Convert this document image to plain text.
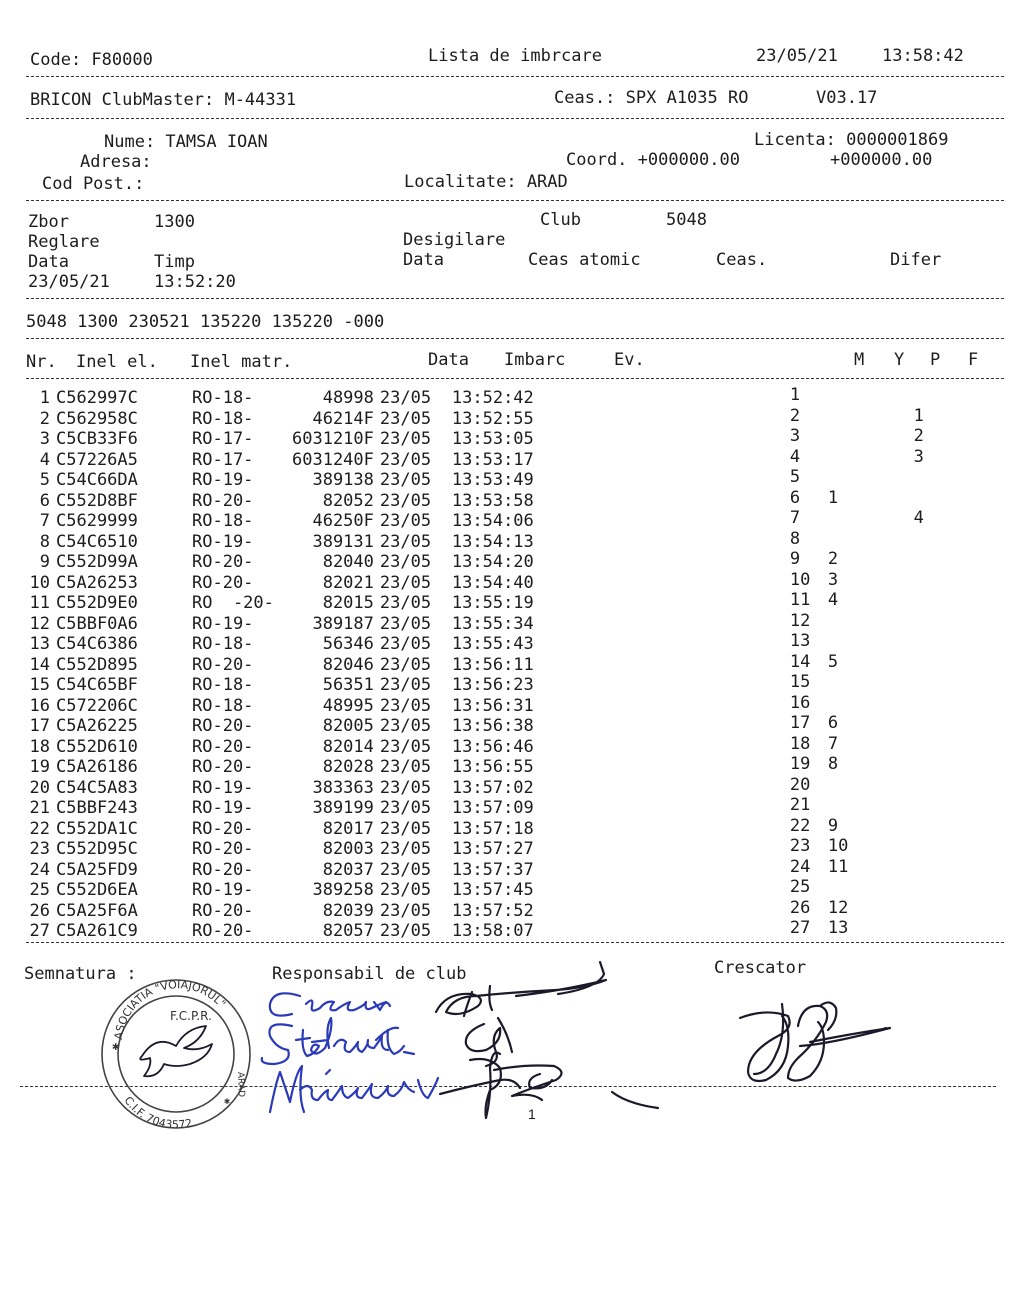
Code: F80000	Lista de imbrcare	23/05/21	13:58:42
BRICON ClubMaster: M-44331	Ceas.: SPX A1035 RO	V03.17
Nume: TAMSA IOAN	Licenta: 0000001869
Adresa:	Coord. +000000.00	+000000.00
Cod Post.:	Localitate: ARAD
Zbor	1300	Club	5048
Reglare	Desigilare
Data	Timp	Data	Ceas atomic	Ceas.	Difer
23/05/21	13:52:20
5048 1300 230521 135220 135220 -000
Nr. Inel el. Inel matr.	Data Imbarc	Ev.	M Y P F
1	C562997C	RO-18-	48998	23/05	13:52:42		1			
2	C562958C	RO-18-	46214F	23/05	13:52:55		2			1
3	C5CB33F6	RO-17-	6031210F	23/05	13:53:05		3			2
4	C57226A5	RO-17-	6031240F	23/05	13:53:17		4			3
5	C54C66DA	RO-19-	389138	23/05	13:53:49		5			
6	C552D8BF	RO-20-	82052	23/05	13:53:58		6	1		
7	C5629999	RO-18-	46250F	23/05	13:54:06		7			4
8	C54C6510	RO-19-	389131	23/05	13:54:13		8			
9	C552D99A	RO-20-	82040	23/05	13:54:20		9	2		
10	C5A26253	RO-20-	82021	23/05	13:54:40		10	3		
11	C552D9E0	RO  -20-	82015	23/05	13:55:19		11	4		
12	C5BBF0A6	RO-19-	389187	23/05	13:55:34		12			
13	C54C6386	RO-18-	56346	23/05	13:55:43		13			
14	C552D895	RO-20-	82046	23/05	13:56:11		14	5		
15	C54C65BF	RO-18-	56351	23/05	13:56:23		15			
16	C572206C	RO-18-	48995	23/05	13:56:31		16			
17	C5A26225	RO-20-	82005	23/05	13:56:38		17	6		
18	C552D610	RO-20-	82014	23/05	13:56:46		18	7		
19	C5A26186	RO-20-	82028	23/05	13:56:55		19	8		
20	C54C5A83	RO-19-	383363	23/05	13:57:02		20			
21	C5BBF243	RO-19-	389199	23/05	13:57:09		21			
22	C552DA1C	RO-20-	82017	23/05	13:57:18		22	9		
23	C552D95C	RO-20-	82003	23/05	13:57:27		23	10		
24	C5A25FD9	RO-20-	82037	23/05	13:57:37		24	11		
25	C552D6EA	RO-19-	389258	23/05	13:57:45		25			
26	C5A25F6A	RO-20-	82039	23/05	13:57:52		26	12		
27	C5A261C9	RO-20-	82057	23/05	13:58:07		27	13		
Semnatura :	Responsabil de club	Crescator
1
ASOCIATIA "VOIAJORUL"
F.C.P.R.
ARAD
C.I.F. 7043572
✱
✱
